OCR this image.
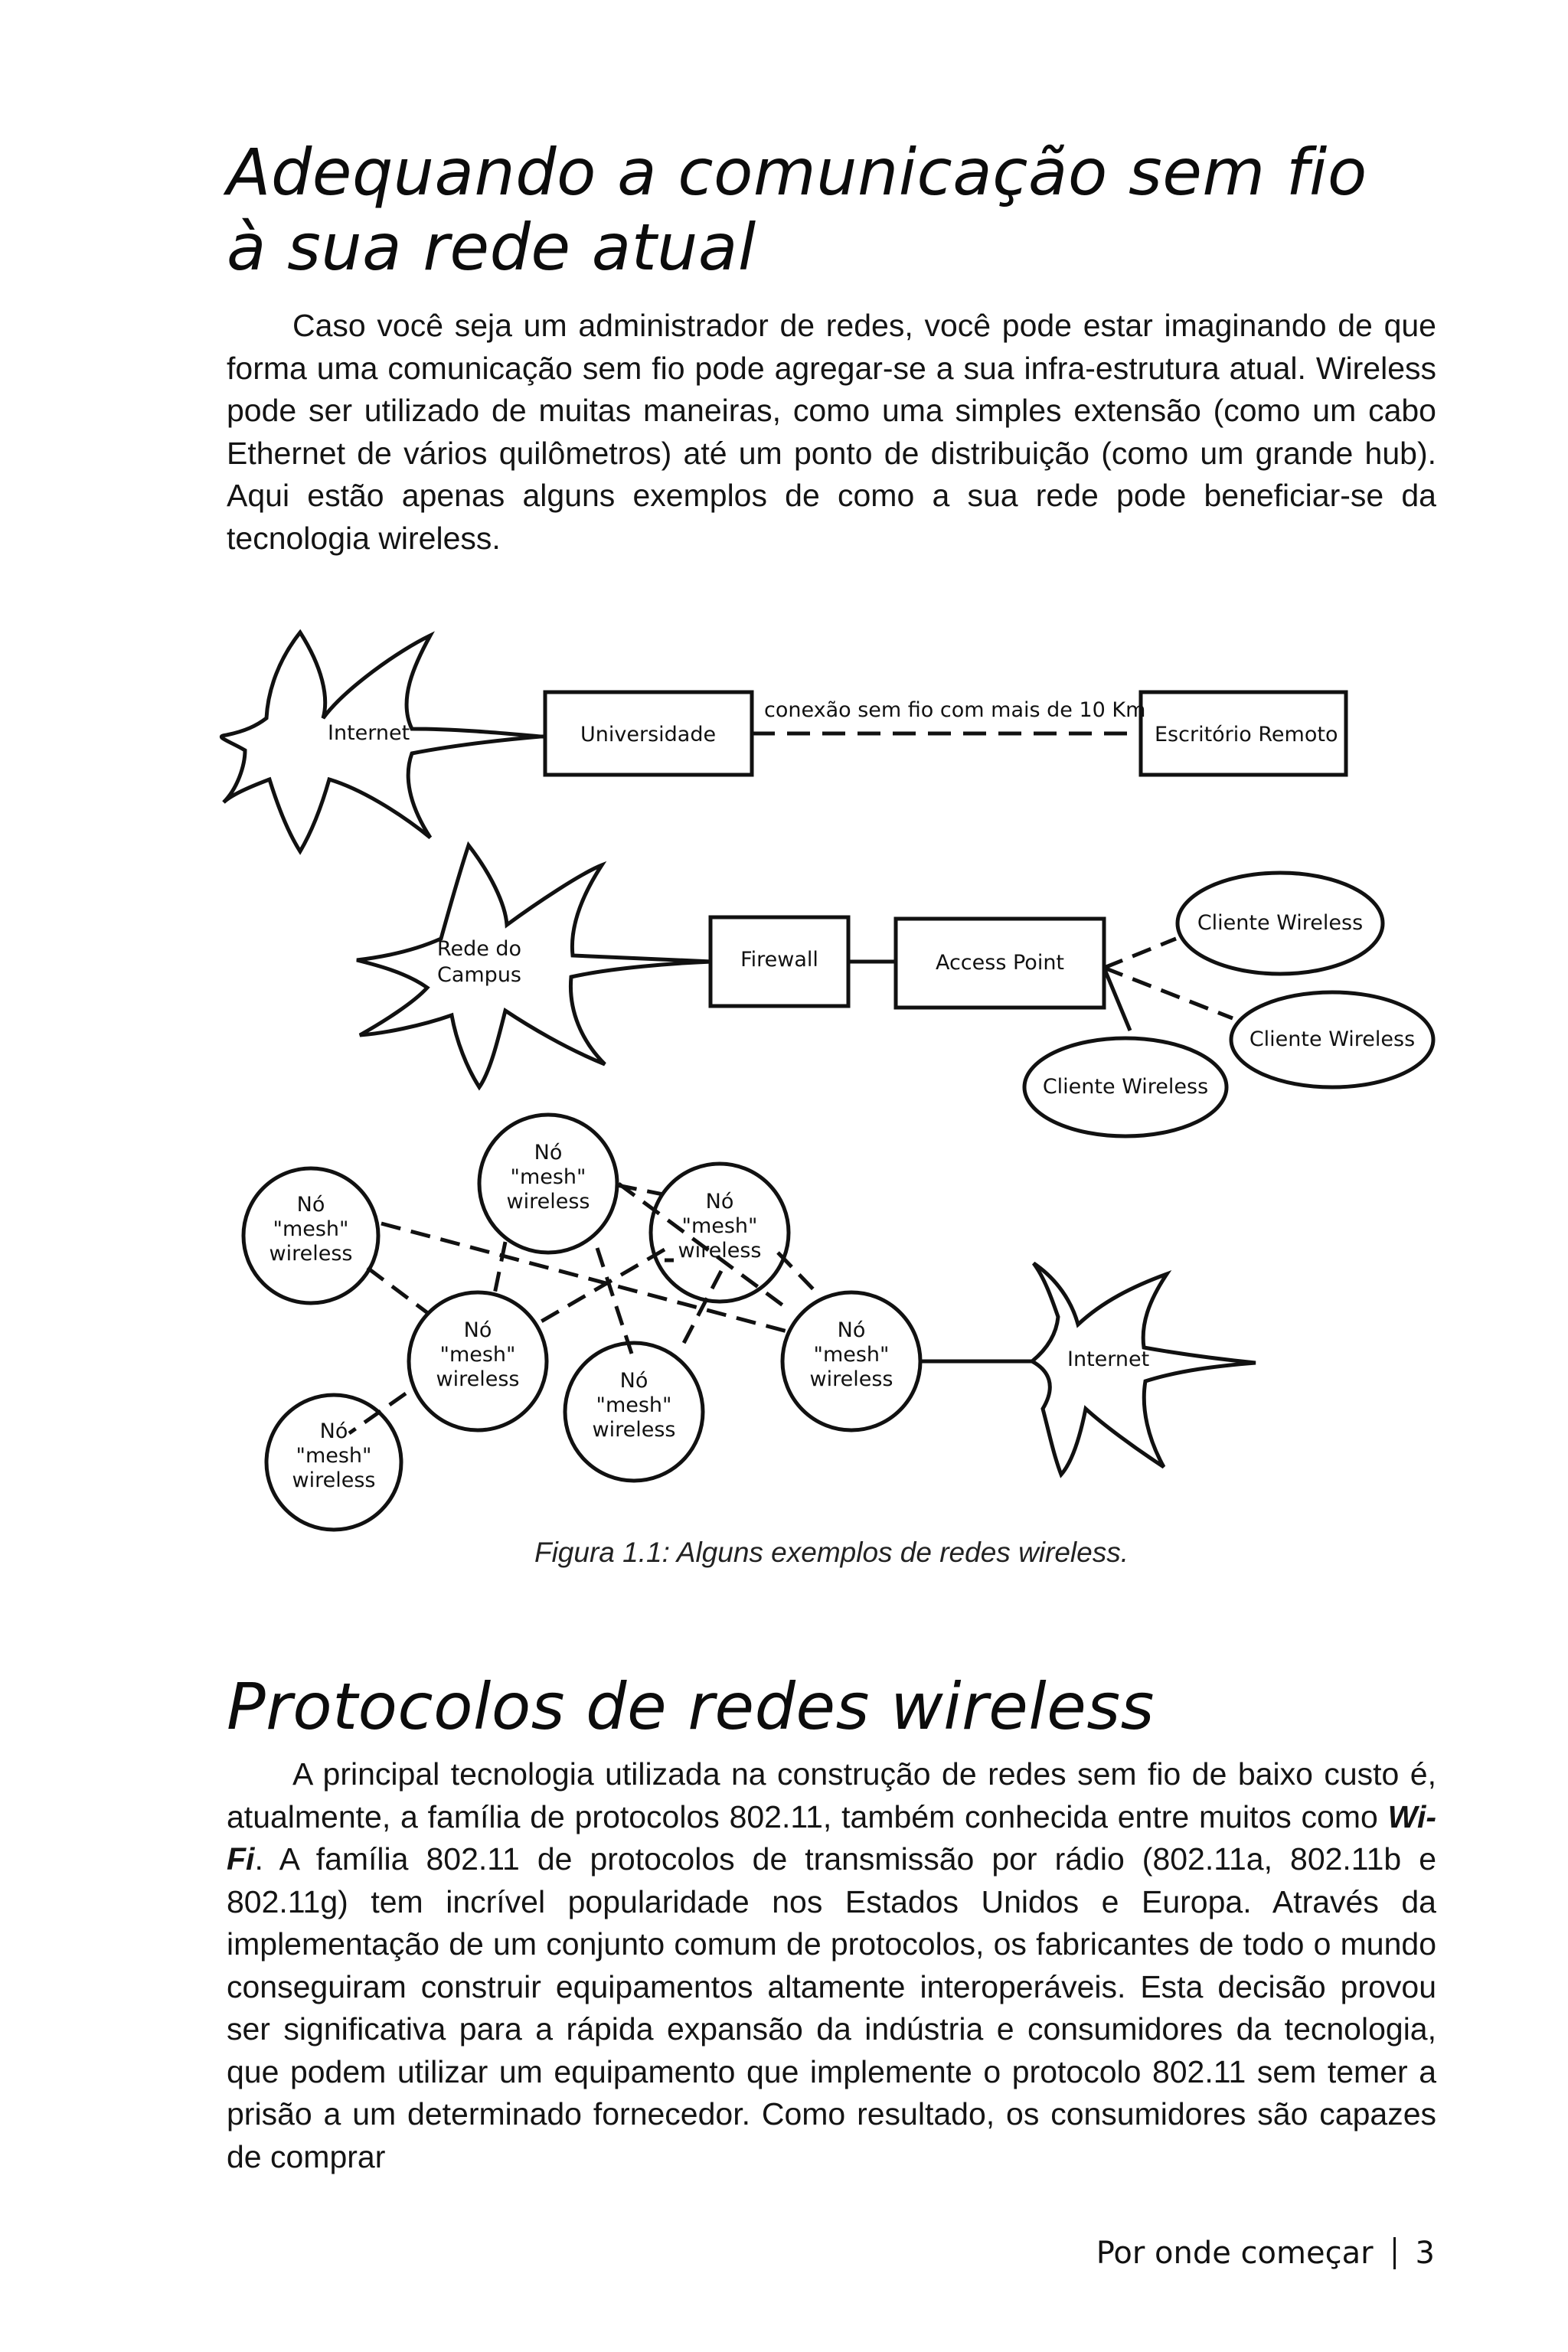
Adequando a comunicação sem fio à sua rede atual

Caso você seja um administrador de redes, você pode estar imaginando de que forma uma comunicação sem fio pode agregar-se a sua infra-estrutura atual. Wireless pode ser utilizado de muitas maneiras, como uma simples extensão (como um cabo Ethernet de vários quilômetros) até um ponto de distribuição (como um grande hub). Aqui estão apenas alguns exemplos de como a sua rede pode beneficiar-se da tecnologia wireless.

Internet	Universidade
conexão sem fio com mais de 10 Km
Escritório Remoto
Rede do
Campus
Firewall	Access Point
Cliente Wireless
Cliente Wireless
Cliente Wireless
Nó
"mesh"
wireless
Nó
"mesh"
wireless	Nó
"mesh"
wireless
Nó
"mesh"
wireless	Nó
"mesh"
wireless
Nó
"mesh"
wireless
Nó
"mesh"
wireless
Internet

Figura 1.1: Alguns exemplos de redes wireless.

Protocolos de redes wireless

A principal tecnologia utilizada na construção de redes sem fio de baixo custo é, atualmente, a família de protocolos 802.11, também conhecida entre muitos como Wi-Fi. A família 802.11 de protocolos de transmissão por rádio (802.11a, 802.11b e 802.11g) tem incrível popularidade nos Estados Unidos e Europa. Através da implementação de um conjunto comum de protocolos, os fabricantes de todo o mundo conseguiram construir equipamentos altamente interoperáveis. Esta decisão provou ser significativa para a rápida expansão da indústria e consumidores da tecnologia, que podem utilizar um equipamento que implemente o protocolo 802.11 sem temer a prisão a um determinado fornecedor. Como resultado, os consumidores são capazes de comprar

Por onde começar 3
